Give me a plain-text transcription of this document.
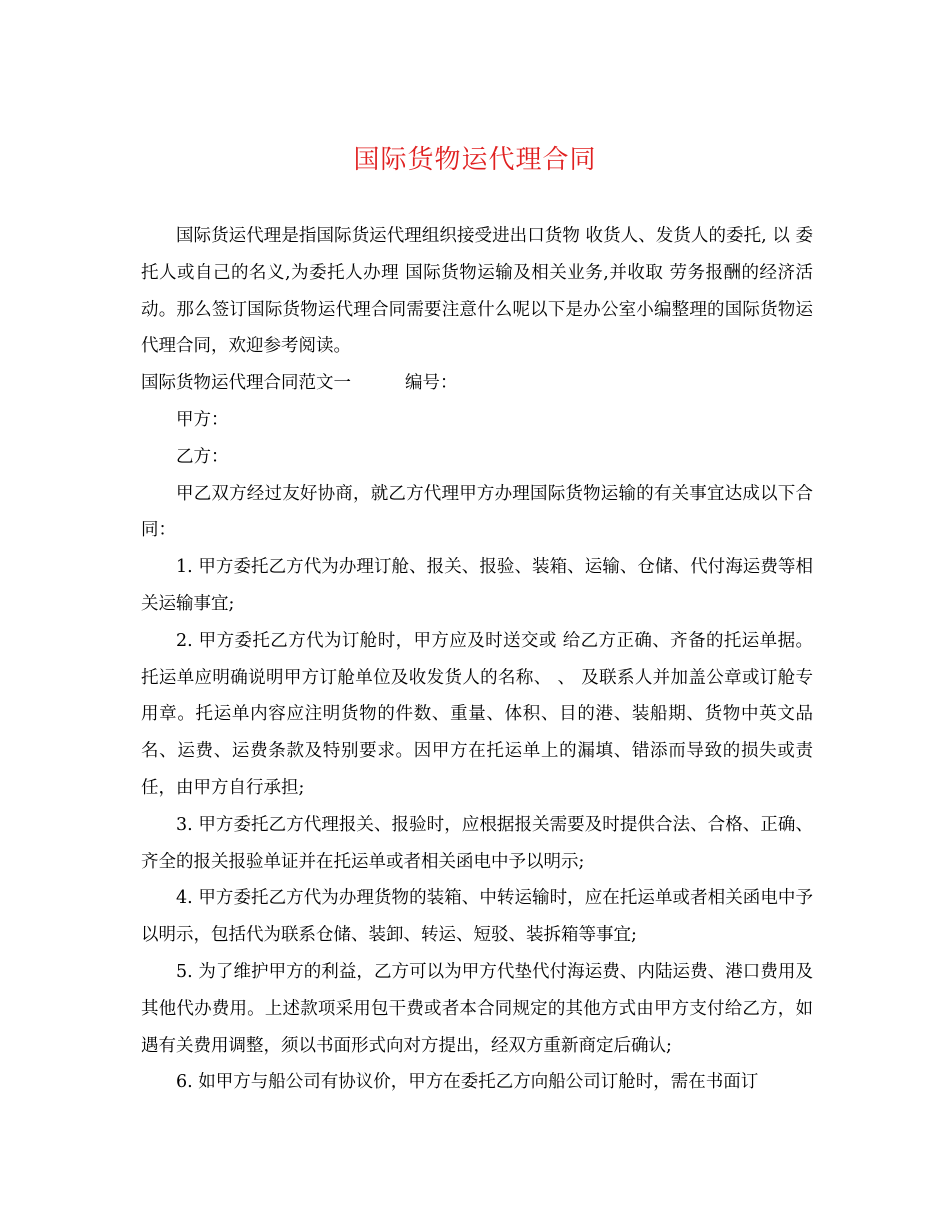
国际货物运代理合同

国际货运代理是指国际货运代理组织接受进出口货物 收货人、发货人的委托, 以 委托人或自己的名义,为委托人办理 国际货物运输及相关业务,并收取 劳务报酬的经济活动。那么签订国际货物运代理合同需要注意什么呢以下是办公室小编整理的国际货物运代理合同，欢迎参考阅读。

国际货物运代理合同范文一	编号：

甲方：

乙方：

甲乙双方经过友好协商，就乙方代理甲方办理国际货物运输的有关事宜达成以下合同：

1. 甲方委托乙方代为办理订舱、报关、报验、装箱、运输、仓储、代付海运费等相关运输事宜;

2. 甲方委托乙方代为订舱时，甲方应及时送交或 给乙方正确、齐备的托运单据。托运单应明确说明甲方订舱单位及收发货人的名称、 、 及联系人并加盖公章或订舱专用章。托运单内容应注明货物的件数、重量、体积、目的港、装船期、货物中英文品名、运费、运费条款及特别要求。因甲方在托运单上的漏填、错添而导致的损失或责任，由甲方自行承担;

3. 甲方委托乙方代理报关、报验时，应根据报关需要及时提供合法、合格、正确、齐全的报关报验单证并在托运单或者相关函电中予以明示;

4. 甲方委托乙方代为办理货物的装箱、中转运输时，应在托运单或者相关函电中予以明示，包括代为联系仓储、装卸、转运、短驳、装拆箱等事宜;

5. 为了维护甲方的利益，乙方可以为甲方代垫代付海运费、内陆运费、港口费用及其他代办费用。上述款项采用包干费或者本合同规定的其他方式由甲方支付给乙方，如遇有关费用调整，须以书面形式向对方提出，经双方重新商定后确认;

6. 如甲方与船公司有协议价，甲方在委托乙方向船公司订舱时，需在书面订
